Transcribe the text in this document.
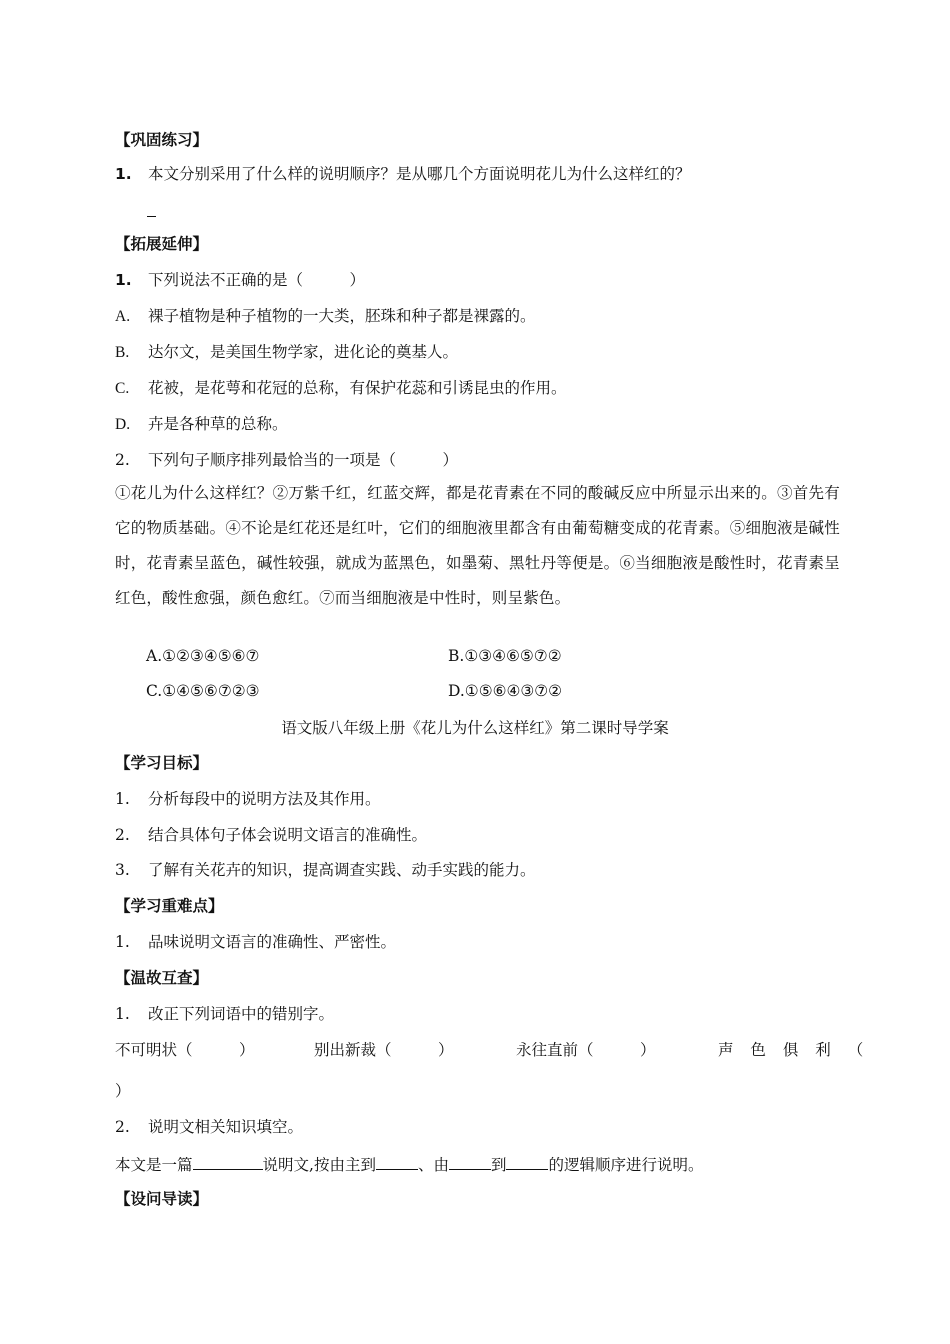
【巩固练习】
1. 本文分别采用了什么样的说明顺序？是从哪几个方面说明花儿为什么这样红的？
【拓展延伸】
1. 下列说法不正确的是（　　　）
A. 裸子植物是种子植物的一大类，胚珠和种子都是裸露的。
B. 达尔文，是美国生物学家，进化论的奠基人。
C. 花被，是花萼和花冠的总称，有保护花蕊和引诱昆虫的作用。
D. 卉是各种草的总称。
2. 下列句子顺序排列最恰当的一项是（　　　）
①花儿为什么这样红？②万紫千红，红蓝交辉，都是花青素在不同的酸碱反应中所显示出来的。③首先有它的物质基础。④不论是红花还是红叶，它们的细胞液里都含有由葡萄糖变成的花青素。⑤细胞液是碱性时，花青素呈蓝色，碱性较强，就成为蓝黑色，如墨菊、黑牡丹等便是。⑥当细胞液是酸性时，花青素呈红色，酸性愈强，颜色愈红。⑦而当细胞液是中性时，则呈紫色。
A.①②③④⑤⑥⑦	B.①③④⑥⑤⑦②
C.①④⑤⑥⑦②③	D.①⑤⑥④③⑦②
语文版八年级上册《花儿为什么这样红》第二课时导学案
【学习目标】
1. 分析每段中的说明方法及其作用。
2. 结合具体句子体会说明文语言的准确性。
3. 了解有关花卉的知识，提高调查实践、动手实践的能力。
【学习重难点】
1. 品味说明文语言的准确性、严密性。
【温故互查】
1. 改正下列词语中的错别字。
不可明状（　　　）	别出新裁（　　　）	永往直前（　　　）	声 色 俱 利 （
）
2. 说明文相关知识填空。
本文是一篇	说明文,按由主到	、由	到	的逻辑顺序进行说明。
【设问导读】
